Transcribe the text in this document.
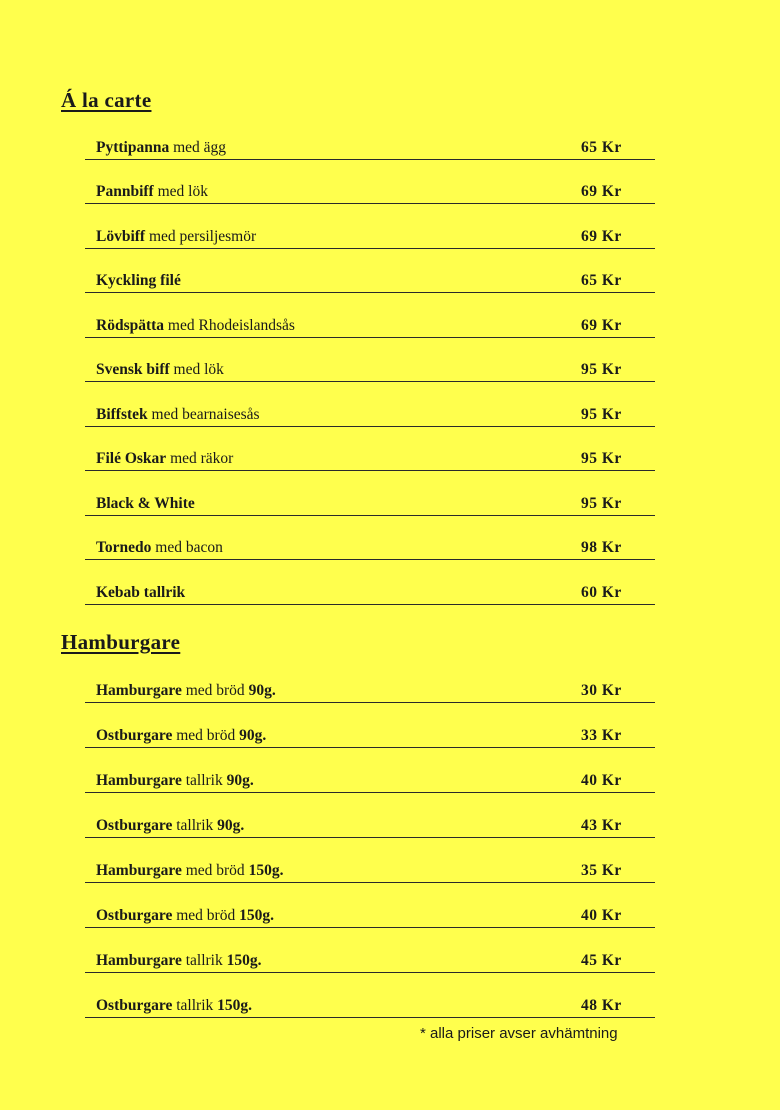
Á la carte
Pyttipanna med ägg	65 Kr
Pannbiff med lök	69 Kr
Lövbiff med persiljesmör	69 Kr
Kyckling filé	65 Kr
Rödspätta med Rhodeislandsås	69 Kr
Svensk biff med lök	95 Kr
Biffstek med bearnaisesås	95 Kr
Filé Oskar med räkor	95 Kr
Black & White	95 Kr
Tornedo med bacon	98 Kr
Kebab tallrik	60 Kr
Hamburgare
Hamburgare med bröd 90g.	30 Kr
Ostburgare med bröd 90g.	33 Kr
Hamburgare tallrik 90g.	40 Kr
Ostburgare tallrik 90g.	43 Kr
Hamburgare med bröd 150g.	35 Kr
Ostburgare med bröd 150g.	40 Kr
Hamburgare tallrik 150g.	45 Kr
Ostburgare tallrik 150g.	48 Kr
* alla priser avser avhämtning
